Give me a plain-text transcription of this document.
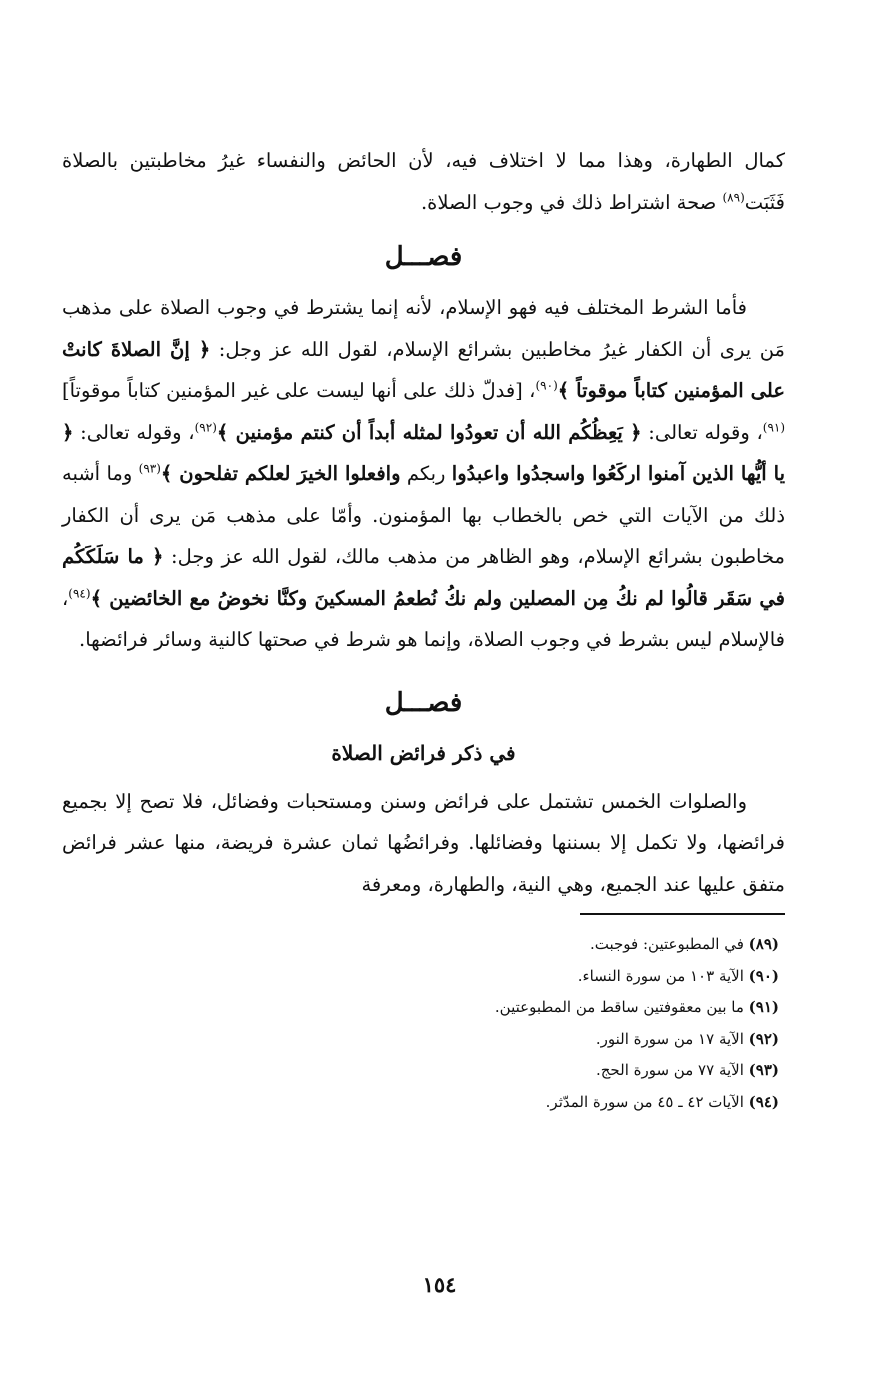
كمال الطهارة، وهذا مما لا اختلاف فيه، لأن الحائض والنفساء غيرُ مخاطبتين بالصلاة فَثَبَت$^{(٨٩)}$ صحة اشتراط ذلك في وجوب الصلاة.

فصـــل

فأما الشرط المختلف فيه فهو الإسلام، لأنه إنما يشترط في وجوب الصلاة على مذهب مَن يرى أن الكفار غيرُ مخاطبين بشرائع الإسلام، لقول الله عز وجل: ﴿ إنَّ الصلاةَ كانتْ على المؤمنين كتاباً موقوتاً ﴾$^{(٩٠)}$، [فدلّ ذلك على أنها ليست على غير المؤمنين كتاباً موقوتاً]$^{(٩١)}$، وقوله تعالى: ﴿ يَعِظُكُم الله أن تعودُوا لمثله أبداً أن كنتم مؤمنين ﴾$^{(٩٢)}$، وقوله تعالى: ﴿ يا أيُّها الذين آمنوا اركَعُوا واسجدُوا واعبدُوا ربكم وافعلوا الخيرَ لعلكم تفلحون ﴾$^{(٩٣)}$ وما أشبه ذلك من الآيات التي خص بالخطاب بها المؤمنون. وأمّا على مذهب مَن يرى أن الكفار مخاطبون بشرائع الإسلام، وهو الظاهر من مذهب مالك، لقول الله عز وجل: ﴿ ما سَلَكَكُم في سَقَر قالُوا لم نكُ مِن المصلين ولم نكُ نُطعمُ المسكينَ وكنَّا نخوضُ مع الخائضين ﴾$^{(٩٤)}$، فالإسلام ليس بشرط في وجوب الصلاة، وإنما هو شرط في صحتها كالنية وسائر فرائضها.

فصـــل
في ذكر فرائض الصلاة

والصلوات الخمس تشتمل على فرائض وسنن ومستحبات وفضائل، فلا تصح إلا بجميع فرائضها، ولا تكمل إلا بسننها وفضائلها. وفرائضُها ثمان عشرة فريضة، منها عشر فرائض متفق عليها عند الجميع، وهي النية، والطهارة، ومعرفة

(٨٩) في المطبوعتين: فوجبت.

(٩٠) الآية ١٠٣ من سورة النساء.

(٩١) ما بين معقوفتين ساقط من المطبوعتين.

(٩٢) الآية ١٧ من سورة النور.

(٩٣) الآية ٧٧ من سورة الحج.

(٩٤) الآيات ٤٢ ـ ٤٥ من سورة المدّثر.

١٥٤
